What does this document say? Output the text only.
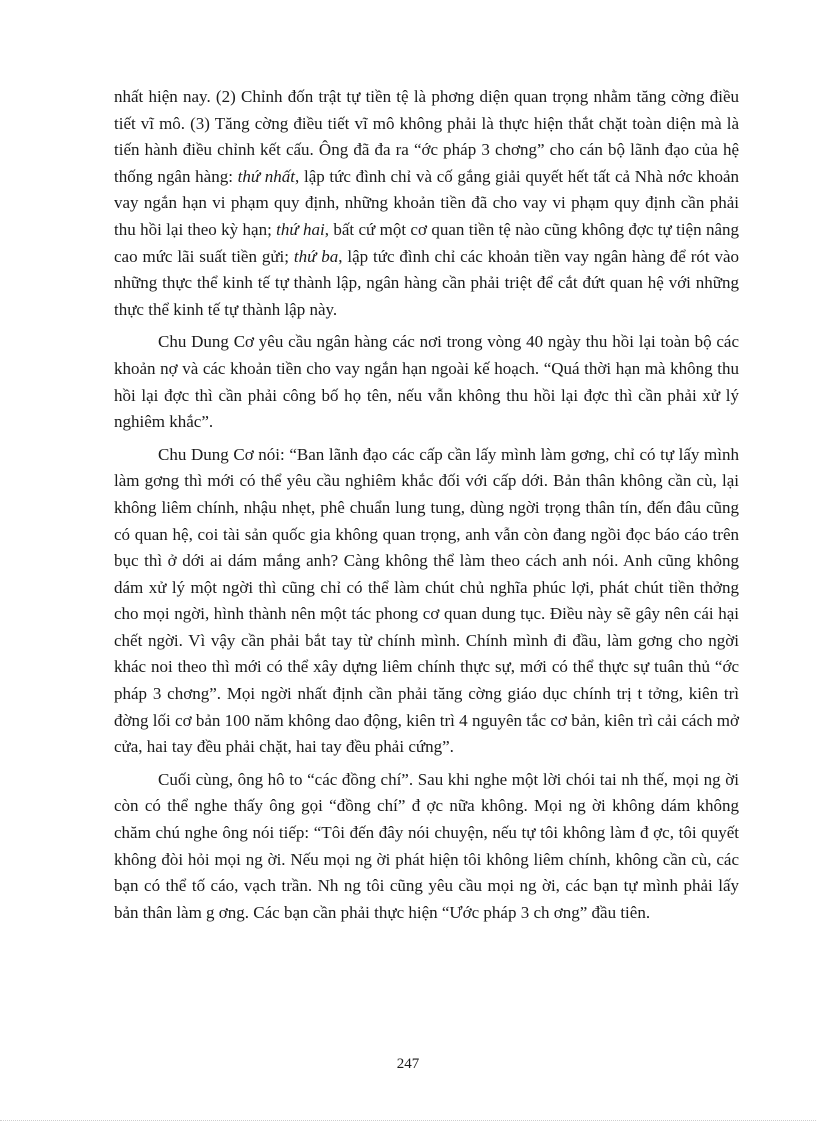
nhất hiện nay. (2) Chỉnh đốn trật tự tiền tệ là phơng diện quan trọng nhằm tăng cờng điều tiết vĩ mô. (3) Tăng cờng điều tiết vĩ mô không phải là thực hiện thắt chặt toàn diện mà là tiến hành điều chỉnh kết cấu. Ông đã đa ra “ớc pháp 3 chơng” cho cán bộ lãnh đạo của hệ thống ngân hàng: thứ nhất, lập tức đình chỉ và cố gắng giải quyết hết tất cả Nhà nớc khoản vay ngắn hạn vi phạm quy định, những khoản tiền đã cho vay vi phạm quy định cần phải thu hồi lại theo kỳ hạn; thứ hai, bất cứ một cơ quan tiền tệ nào cũng không đợc tự tiện nâng cao mức lãi suất tiền gửi; thứ ba, lập tức đình chỉ các khoản tiền vay ngân hàng để rót vào những thực thể kinh tế tự thành lập, ngân hàng cần phải triệt để cắt đứt quan hệ với những thực thể kinh tế tự thành lập này.

Chu Dung Cơ yêu cầu ngân hàng các nơi trong vòng 40 ngày thu hồi lại toàn bộ các khoản nợ và các khoản tiền cho vay ngắn hạn ngoài kế hoạch. “Quá thời hạn mà không thu hồi lại đợc thì cần phải công bố họ tên, nếu vẫn không thu hồi lại đợc thì cần phải xử lý nghiêm khắc”.

Chu Dung Cơ nói: “Ban lãnh đạo các cấp cần lấy mình làm gơng, chỉ có tự lấy mình làm gơng thì mới có thể yêu cầu nghiêm khắc đối với cấp dới. Bản thân không cần cù, lại không liêm chính, nhậu nhẹt, phê chuẩn lung tung, dùng ngời trọng thân tín, đến đâu cũng có quan hệ, coi tài sản quốc gia không quan trọng, anh vẫn còn đang ngồi đọc báo cáo trên bục thì ở dới ai dám mắng anh? Càng không thể làm theo cách anh nói. Anh cũng không dám xử lý một ngời thì cũng chỉ có thể làm chút chủ nghĩa phúc lợi, phát chút tiền thởng cho mọi ngời, hình thành nên một tác phong cơ quan dung tục. Điều này sẽ gây nên cái hại chết ngời. Vì vậy cần phải bắt tay từ chính mình. Chính mình đi đầu, làm gơng cho ngời khác noi theo thì mới có thể xây dựng liêm chính thực sự, mới có thể thực sự tuân thủ “ớc pháp 3 chơng”. Mọi ngời nhất định cần phải tăng cờng giáo dục chính trị t tởng, kiên trì đờng lối cơ bản 100 năm không dao động, kiên trì 4 nguyên tắc cơ bản, kiên trì cải cách mở cửa, hai tay đều phải chặt, hai tay đều phải cứng”.

Cuối cùng, ông hô to “các đồng chí”. Sau khi nghe một lời chói tai nh thế, mọi ng ời còn có thể nghe thấy ông gọi “đồng chí” đ ợc nữa không. Mọi ng ời không dám không chăm chú nghe ông nói tiếp: “Tôi đến đây nói chuyện, nếu tự tôi không làm đ ợc, tôi quyết không đòi hỏi mọi ng ời. Nếu mọi ng ời phát hiện tôi không liêm chính, không cần cù, các bạn có thể tố cáo, vạch trần. Nh ng tôi cũng yêu cầu mọi ng ời, các bạn tự mình phải lấy bản thân làm g ơng. Các bạn cần phải thực hiện “Ước pháp 3 ch ơng” đầu tiên.

247
